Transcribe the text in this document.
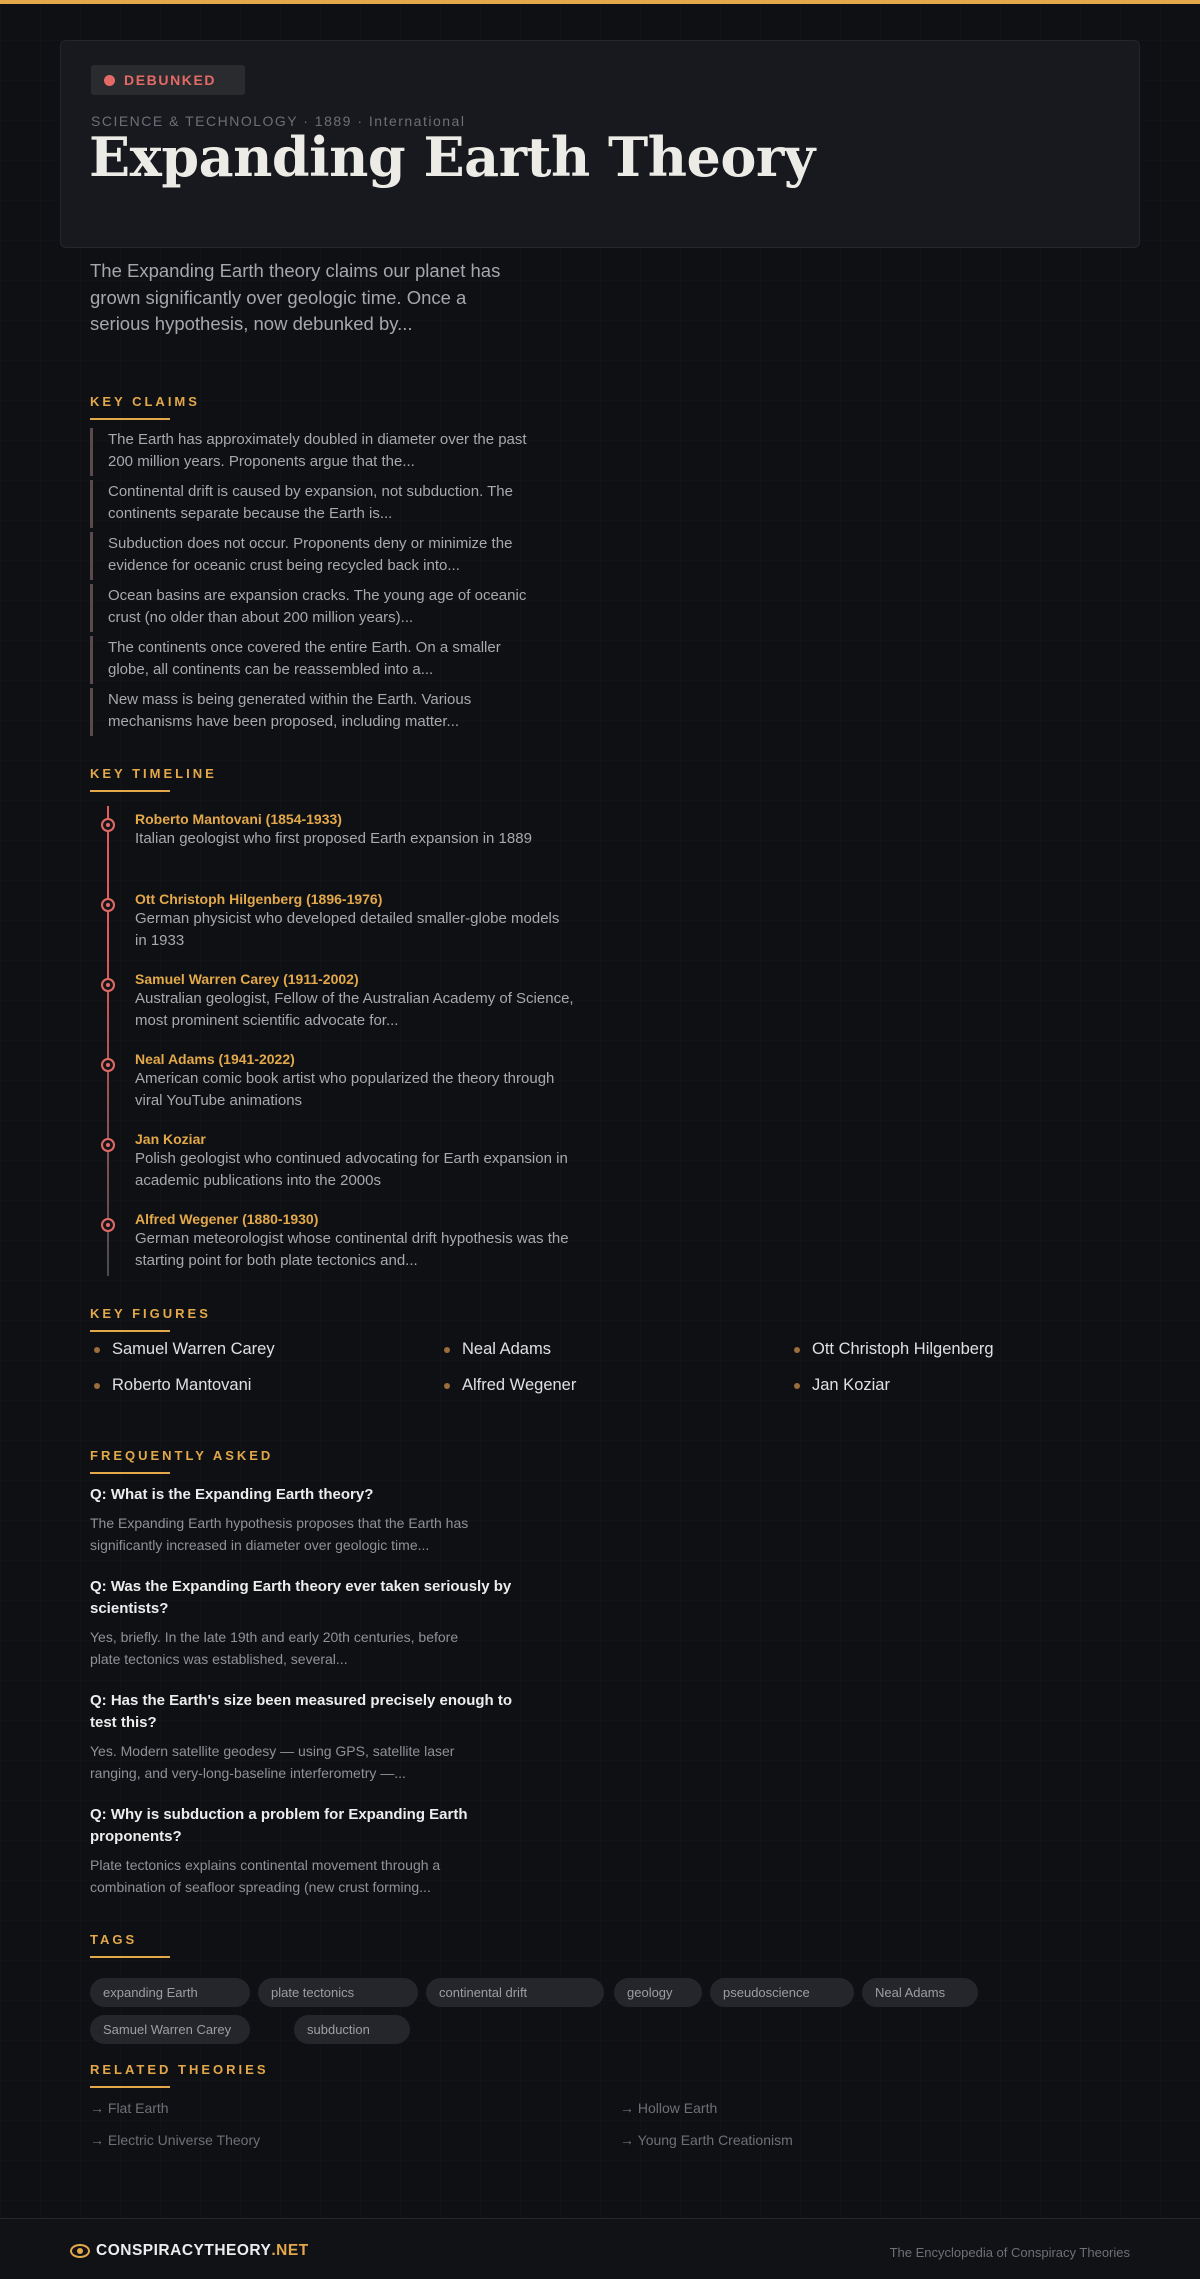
DEBUNKED
SCIENCE & TECHNOLOGY · 1889 · International
Expanding Earth Theory

The Expanding Earth theory claims our planet has grown significantly over geologic time. Once a serious hypothesis, now debunked by...

KEY CLAIMS
The Earth has approximately doubled in diameter over the past 200 million years. Proponents argue that the...
Continental drift is caused by expansion, not subduction. The continents separate because the Earth is...
Subduction does not occur. Proponents deny or minimize the evidence for oceanic crust being recycled back into...
Ocean basins are expansion cracks. The young age of oceanic crust (no older than about 200 million years)...
The continents once covered the entire Earth. On a smaller globe, all continents can be reassembled into a...
New mass is being generated within the Earth. Various mechanisms have been proposed, including matter...
KEY TIMELINE
Roberto Mantovani (1854-1933)
Italian geologist who first proposed Earth expansion in 1889
Ott Christoph Hilgenberg (1896-1976)
German physicist who developed detailed smaller-globe models in 1933
Samuel Warren Carey (1911-2002)
Australian geologist, Fellow of the Australian Academy of Science, most prominent scientific advocate for...
Neal Adams (1941-2022)
American comic book artist who popularized the theory through viral YouTube animations
Jan Koziar
Polish geologist who continued advocating for Earth expansion in academic publications into the 2000s
Alfred Wegener (1880-1930)
German meteorologist whose continental drift hypothesis was the starting point for both plate tectonics and...
KEY FIGURES
Samuel Warren Carey	Neal Adams	Ott Christoph Hilgenberg
Roberto Mantovani	Alfred Wegener	Jan Koziar
FREQUENTLY ASKED
Q: What is the Expanding Earth theory?
The Expanding Earth hypothesis proposes that the Earth has significantly increased in diameter over geologic time...
Q: Was the Expanding Earth theory ever taken seriously by scientists?
Yes, briefly. In the late 19th and early 20th centuries, before plate tectonics was established, several...
Q: Has the Earth's size been measured precisely enough to test this?
Yes. Modern satellite geodesy — using GPS, satellite laser ranging, and very-long-baseline interferometry —...
Q: Why is subduction a problem for Expanding Earth proponents?
Plate tectonics explains continental movement through a combination of seafloor spreading (new crust forming...
TAGS
expanding Earth	plate tectonics	continental drift	geology	pseudoscience	Neal Adams
Samuel Warren Carey	subduction
RELATED THEORIES
→ Flat Earth	→ Hollow Earth
→ Electric Universe Theory	→ Young Earth Creationism
CONSPIRACYTHEORY .NET	The Encyclopedia of Conspiracy Theories
